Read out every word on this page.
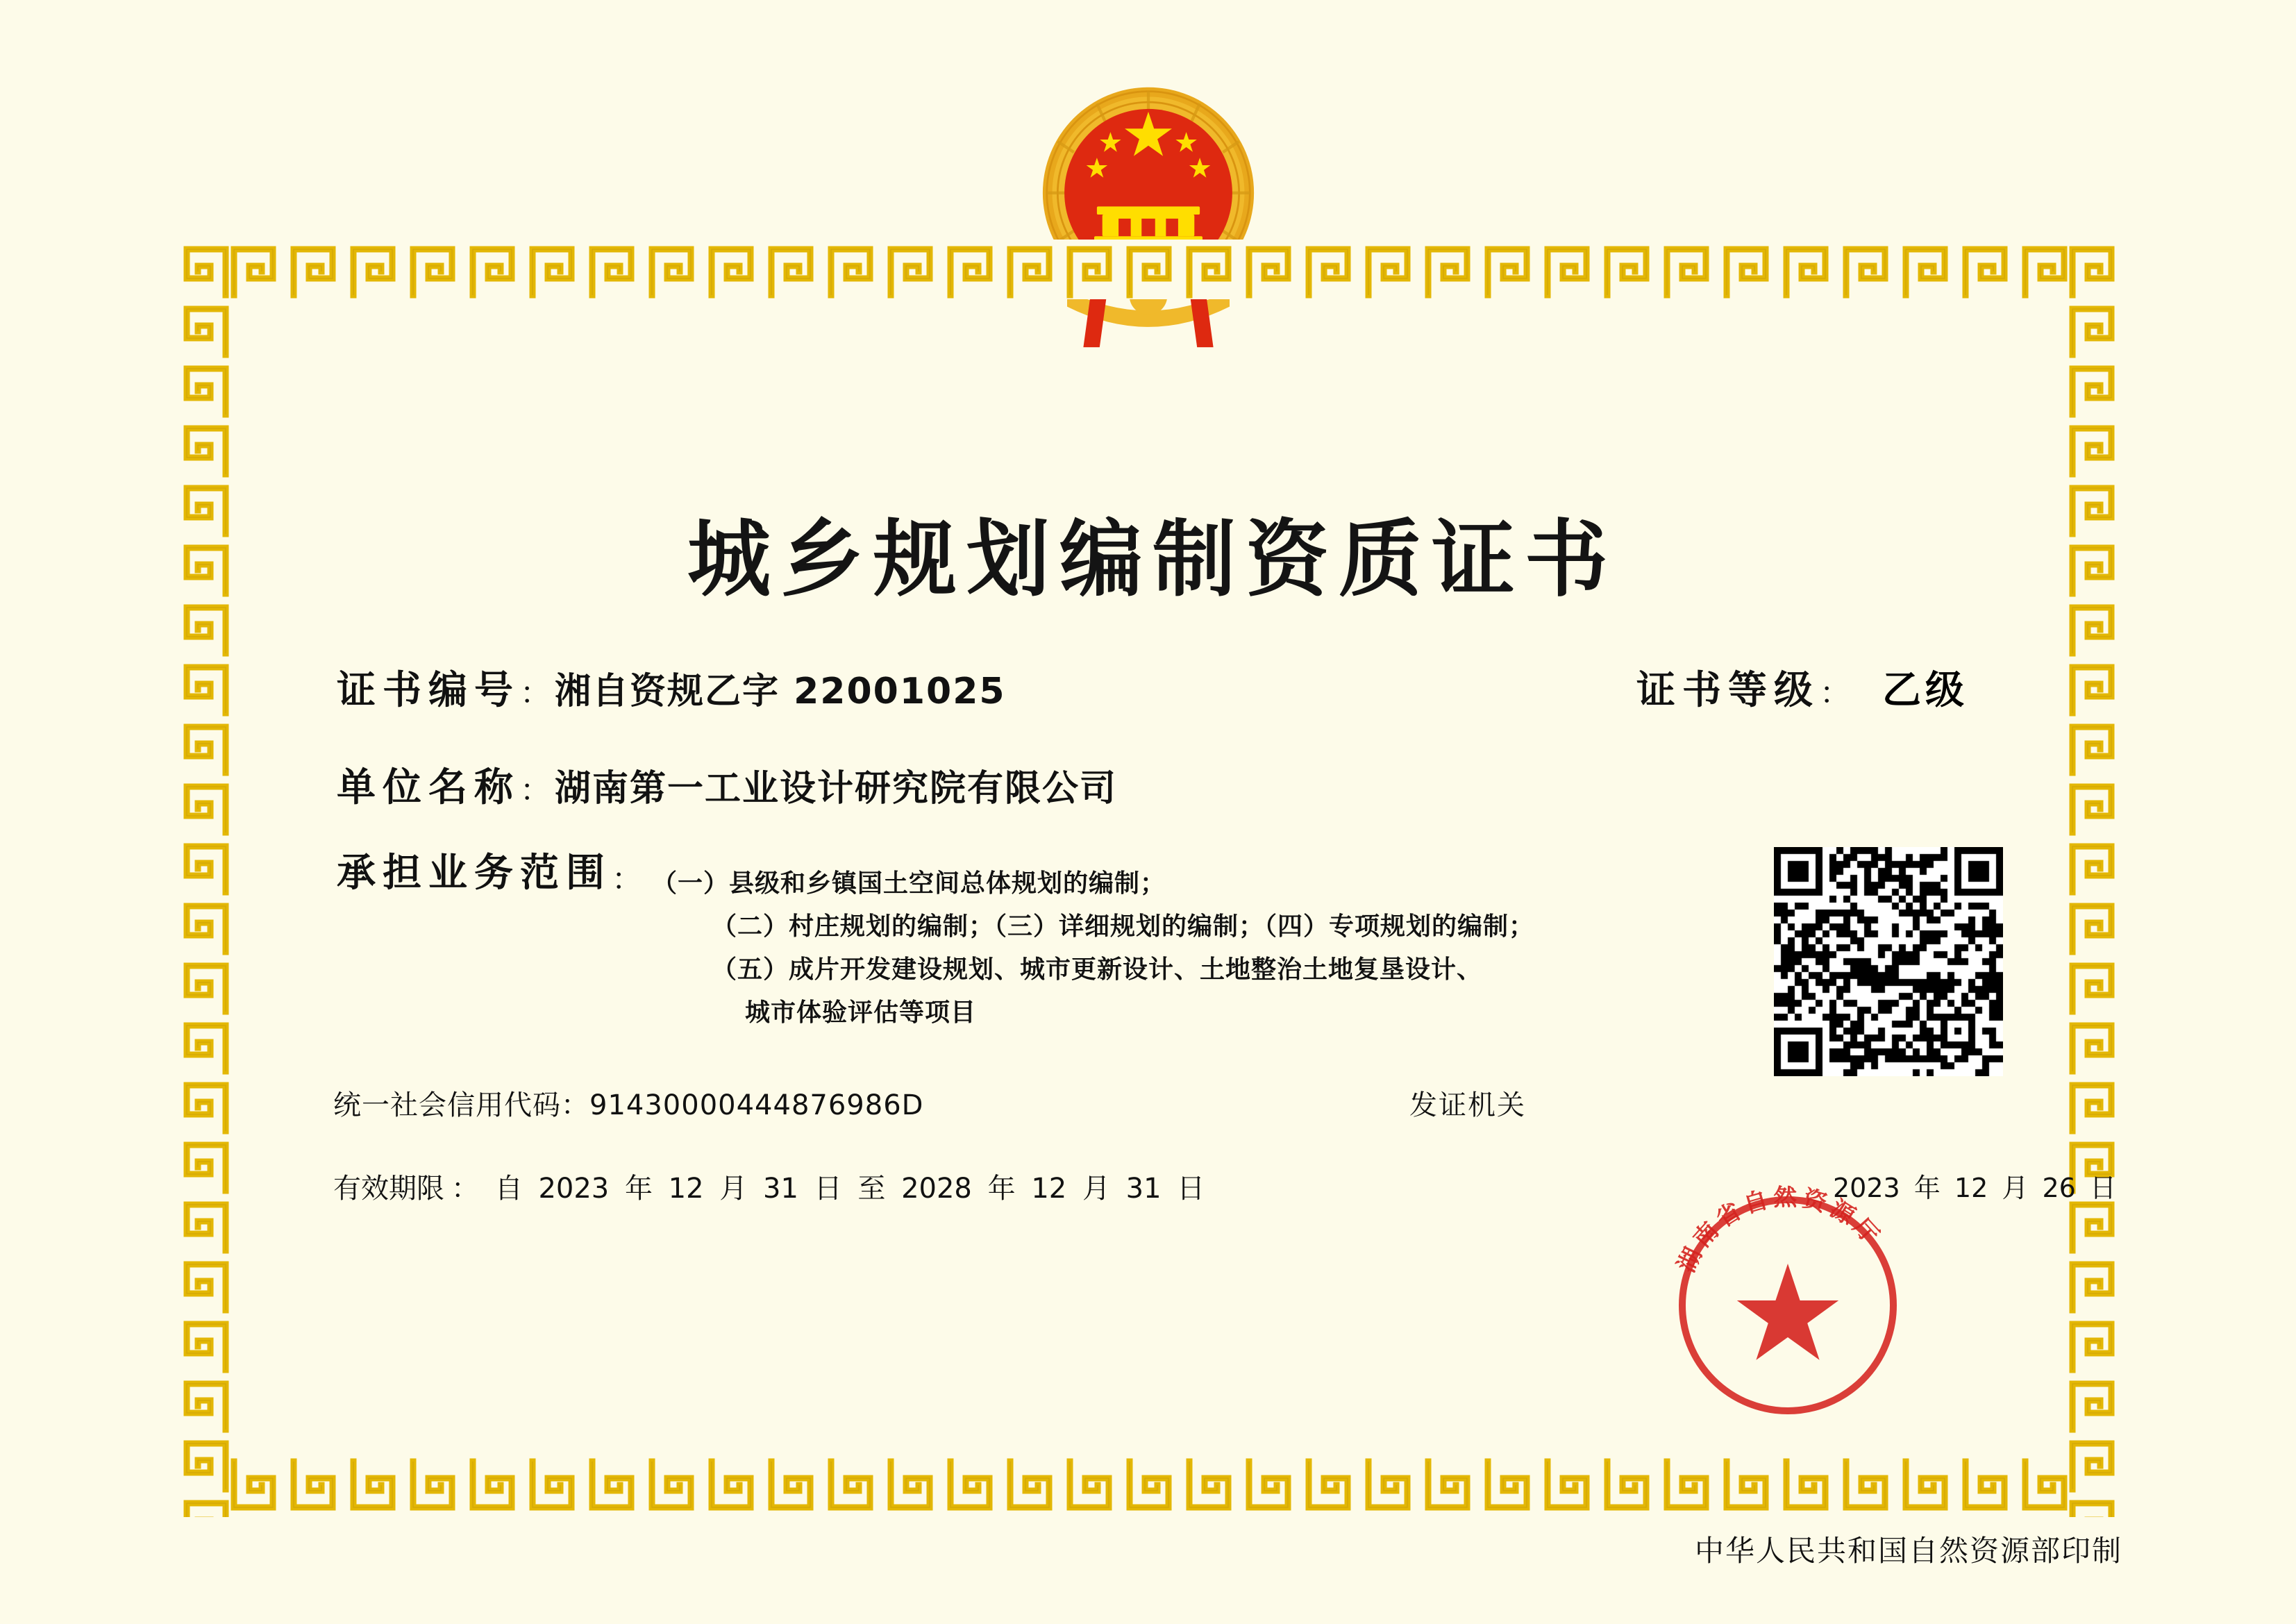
城乡规划编制资质证书
证书编号 ： 湘自资规乙字 22001025	证书等级 ： 乙级
单位名称 ： 湖南第一工业设计研究院有限公司
承担业务范围 ： （一）县级和乡镇国土空间总体规划的编制；
（二）村庄规划的编制；（三）详细规划的编制；（四）专项规划的编制；
（五）成片开发建设规划、城市更新设计、土地整治土地复垦设计、
城市体验评估等项目
统一社会信用代码：91430000444876986D	发证机关
有效期限 ： 自 2023 年 12 月 31 日 至 2028 年 12 月 31 日	2023 年 12 月 26 日
湖南省自然资源厅
中华人民共和国自然资源部印制
